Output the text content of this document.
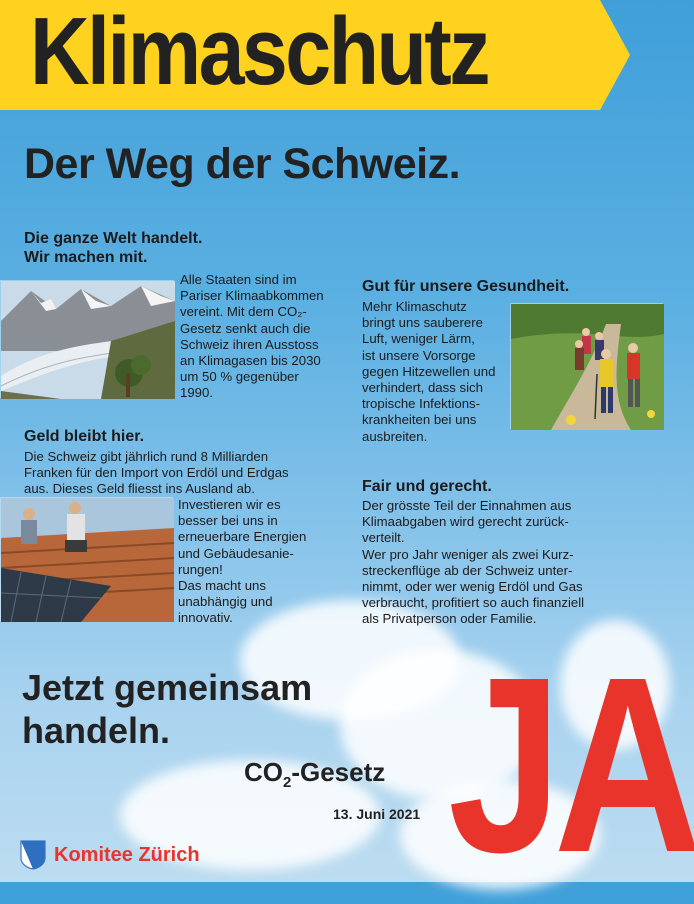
Klimaschutz
Der Weg der Schweiz.
Die ganze Welt handelt.
Wir machen mit.
Alle Staaten sind im
Pariser Klimaabkommen
vereint. Mit dem CO₂-
Gesetz senkt auch die
Schweiz ihren Ausstoss
an Klimagasen bis 2030
um 50 % gegenüber
1990.
Gut für unsere Gesundheit.
Mehr Klimaschutz
bringt uns sauberere
Luft, weniger Lärm,
ist unsere Vorsorge
gegen Hitzewellen und
verhindert, dass sich
tropische Infektions-
krankheiten bei uns
ausbreiten.
Geld bleibt hier.
Die Schweiz gibt jährlich rund 8 Milliarden
Franken für den Import von Erdöl und Erdgas
aus. Dieses Geld fliesst ins Ausland ab.
Investieren wir es
besser bei uns in
erneuerbare Energien
und Gebäudesanie-
rungen!
Das macht uns
unabhängig und
innovativ.
Fair und gerecht.
Der grösste Teil der Einnahmen aus
Klimaabgaben wird gerecht zurück-
verteilt.
Wer pro Jahr weniger als zwei Kurz-
streckenflüge ab der Schweiz unter-
nimmt, oder wer wenig Erdöl und Gas
verbraucht, profitiert so auch finanziell
als Privatperson oder Familie.
Jetzt gemeinsam
handeln.
$CO_2$-Gesetz
13. Juni 2021 JA
Komitee Zürich
